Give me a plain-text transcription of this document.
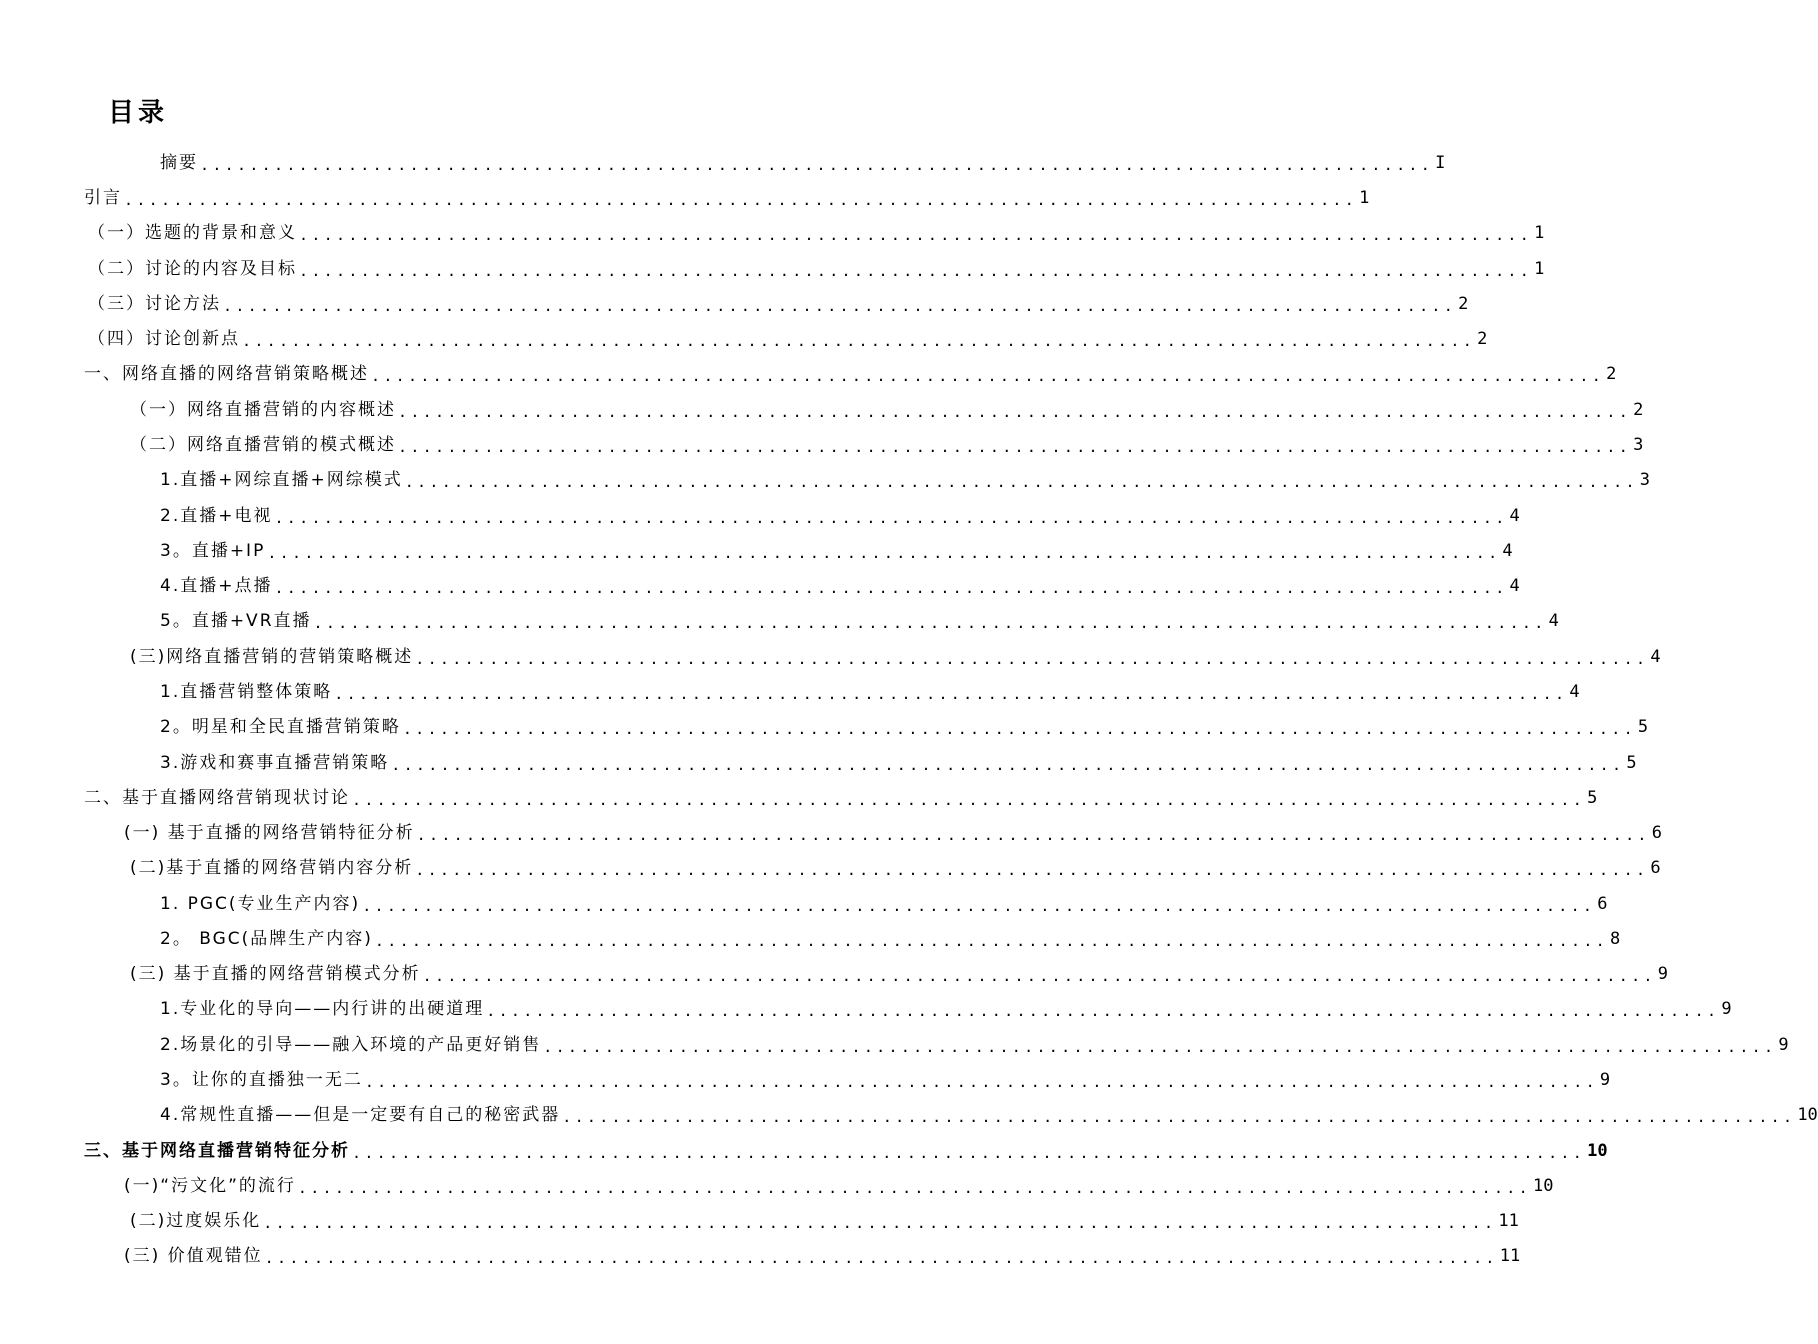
目录
摘要 .................................................................................................... I
引言 .................................................................................................... 1
（一）选题的背景和意义 .................................................................................................... 1
（二）讨论的内容及目标 .................................................................................................... 1
（三）讨论方法 .................................................................................................... 2
（四）讨论创新点 .................................................................................................... 2
一、网络直播的网络营销策略概述 .................................................................................................... 2
（一）网络直播营销的内容概述 .................................................................................................... 2
（二）网络直播营销的模式概述 .................................................................................................... 3
1.直播+网综直播+网综模式 .................................................................................................... 3
2.直播+电视 .................................................................................................... 4
3。直播+IP .................................................................................................... 4
4.直播+点播 .................................................................................................... 4
5。直播+VR直播 .................................................................................................... 4
(三)网络直播营销的营销策略概述 .................................................................................................... 4
1.直播营销整体策略 .................................................................................................... 4
2。明星和全民直播营销策略 .................................................................................................... 5
3.游戏和赛事直播营销策略 .................................................................................................... 5
二、基于直播网络营销现状讨论 .................................................................................................... 5
(一) 基于直播的网络营销特征分析 .................................................................................................... 6
(二)基于直播的网络营销内容分析 .................................................................................................... 6
1. PGC(专业生产内容) .................................................................................................... 6
2。 BGC(品牌生产内容) .................................................................................................... 8
(三) 基于直播的网络营销模式分析 .................................................................................................... 9
1.专业化的导向——内行讲的出硬道理 .................................................................................................... 9
2.场景化的引导——融入环境的产品更好销售 .................................................................................................... 9
3。让你的直播独一无二 .................................................................................................... 9
4.常规性直播——但是一定要有自己的秘密武器 .................................................................................................... 10
三、基于网络直播营销特征分析 .................................................................................................... 10
(一)“污文化”的流行 .................................................................................................... 10
(二)过度娱乐化 .................................................................................................... 11
(三) 价值观错位 .................................................................................................... 11
